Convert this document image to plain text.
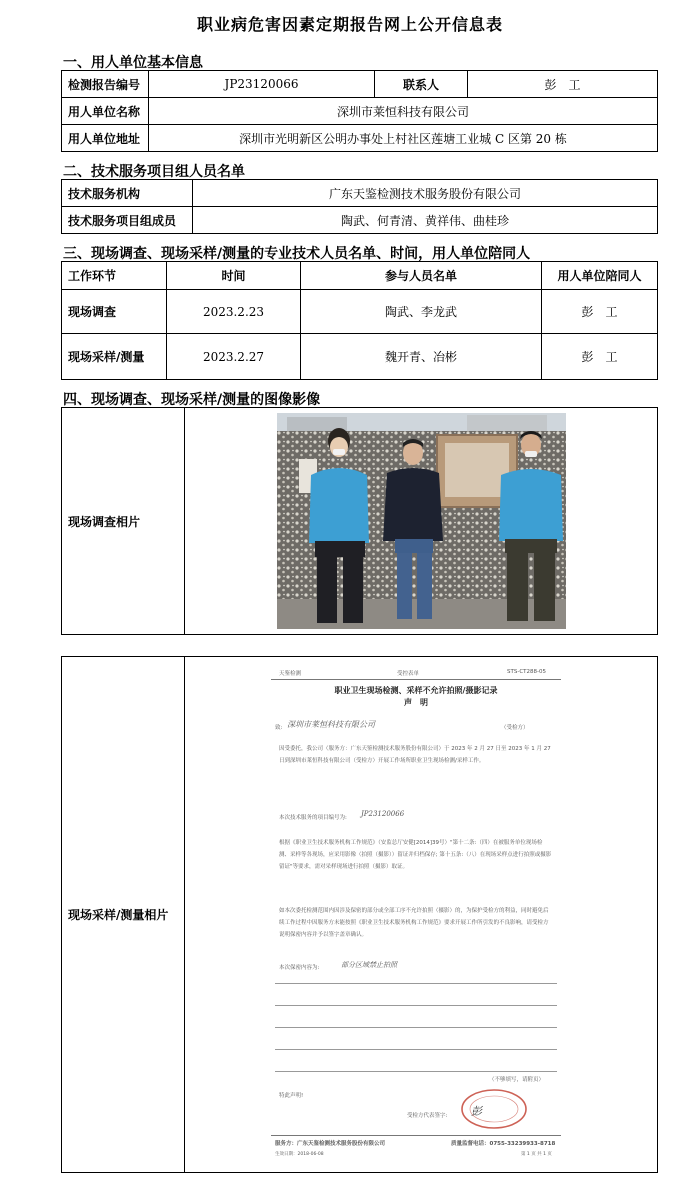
职业病危害因素定期报告网上公开信息表
一、用人单位基本信息
检测报告编号	JP23120066	联系人	彭　工
用人单位名称	深圳市莱恒科技有限公司		
用人单位地址	深圳市光明新区公明办事处上村社区莲塘工业城 C 区第 20 栋		
二、技术服务项目组人员名单
技术服务机构	广东天鉴检测技术服务股份有限公司
技术服务项目组成员	陶武、何青清、黄祥伟、曲桂珍
三、现场调查、现场采样/测量的专业技术人员名单、时间，用人单位陪同人
工作环节	时间	参与人员名单	用人单位陪同人
现场调查	2023.2.23	陶武、李龙武	彭　工
现场采样/测量	2023.2.27	魏开青、冶彬	彭　工
四、现场调查、现场采样/测量的图像影像
现场调查相片	
现场采样/测量相片	
天鉴检测	受控表单	STS-CT288-05
职业卫生现场检测、采样不允许拍照/摄影记录
声　明
致: 深圳市莱恒科技有限公司	（受检方）
因受委托，我公司（服务方：广东天鉴检测技术服务股份有限公司）于 2023 年 2 月 27 日至 2023 年 1 月 27 日到深圳市莱恒科技有限公司（受检方）开展工作场所职业卫生现场检测/采样工作。
本次技术服务的项目编号为: JP23120066
根据《职业卫生技术服务机构工作规范》（安监总厅安健[2014]39号）"第十二条:（四）在被服务单位现场检测、采样等各现场，应采用影像（拍照（摄影））留证并归档保存; 第十五条:（八）在现场采样点进行拍照或摄影留证"等要求，需对采样现场进行拍照（摄影）取证。
如本次委托检测范围内因涉及保密的部分或全部工序不允许拍照（摄影）的，为保护受检方的利益，同时避免后续工作过程中因服务方未能按照《职业卫生技术服务机构工作规范》要求开展工作所引发的不良影响，请受检方说明保密内容并予以签字盖章确认。
本次保密内容为:	部分区域禁止拍照
（不够填写，请附页）
特此声明!
受检方代表签字: 彭
服务方：广东天鉴检测技术服务股份有限公司	质量监督电话：0755-33239933-8718
生效日期：2018-06-08	第 1 页 共 1 页
